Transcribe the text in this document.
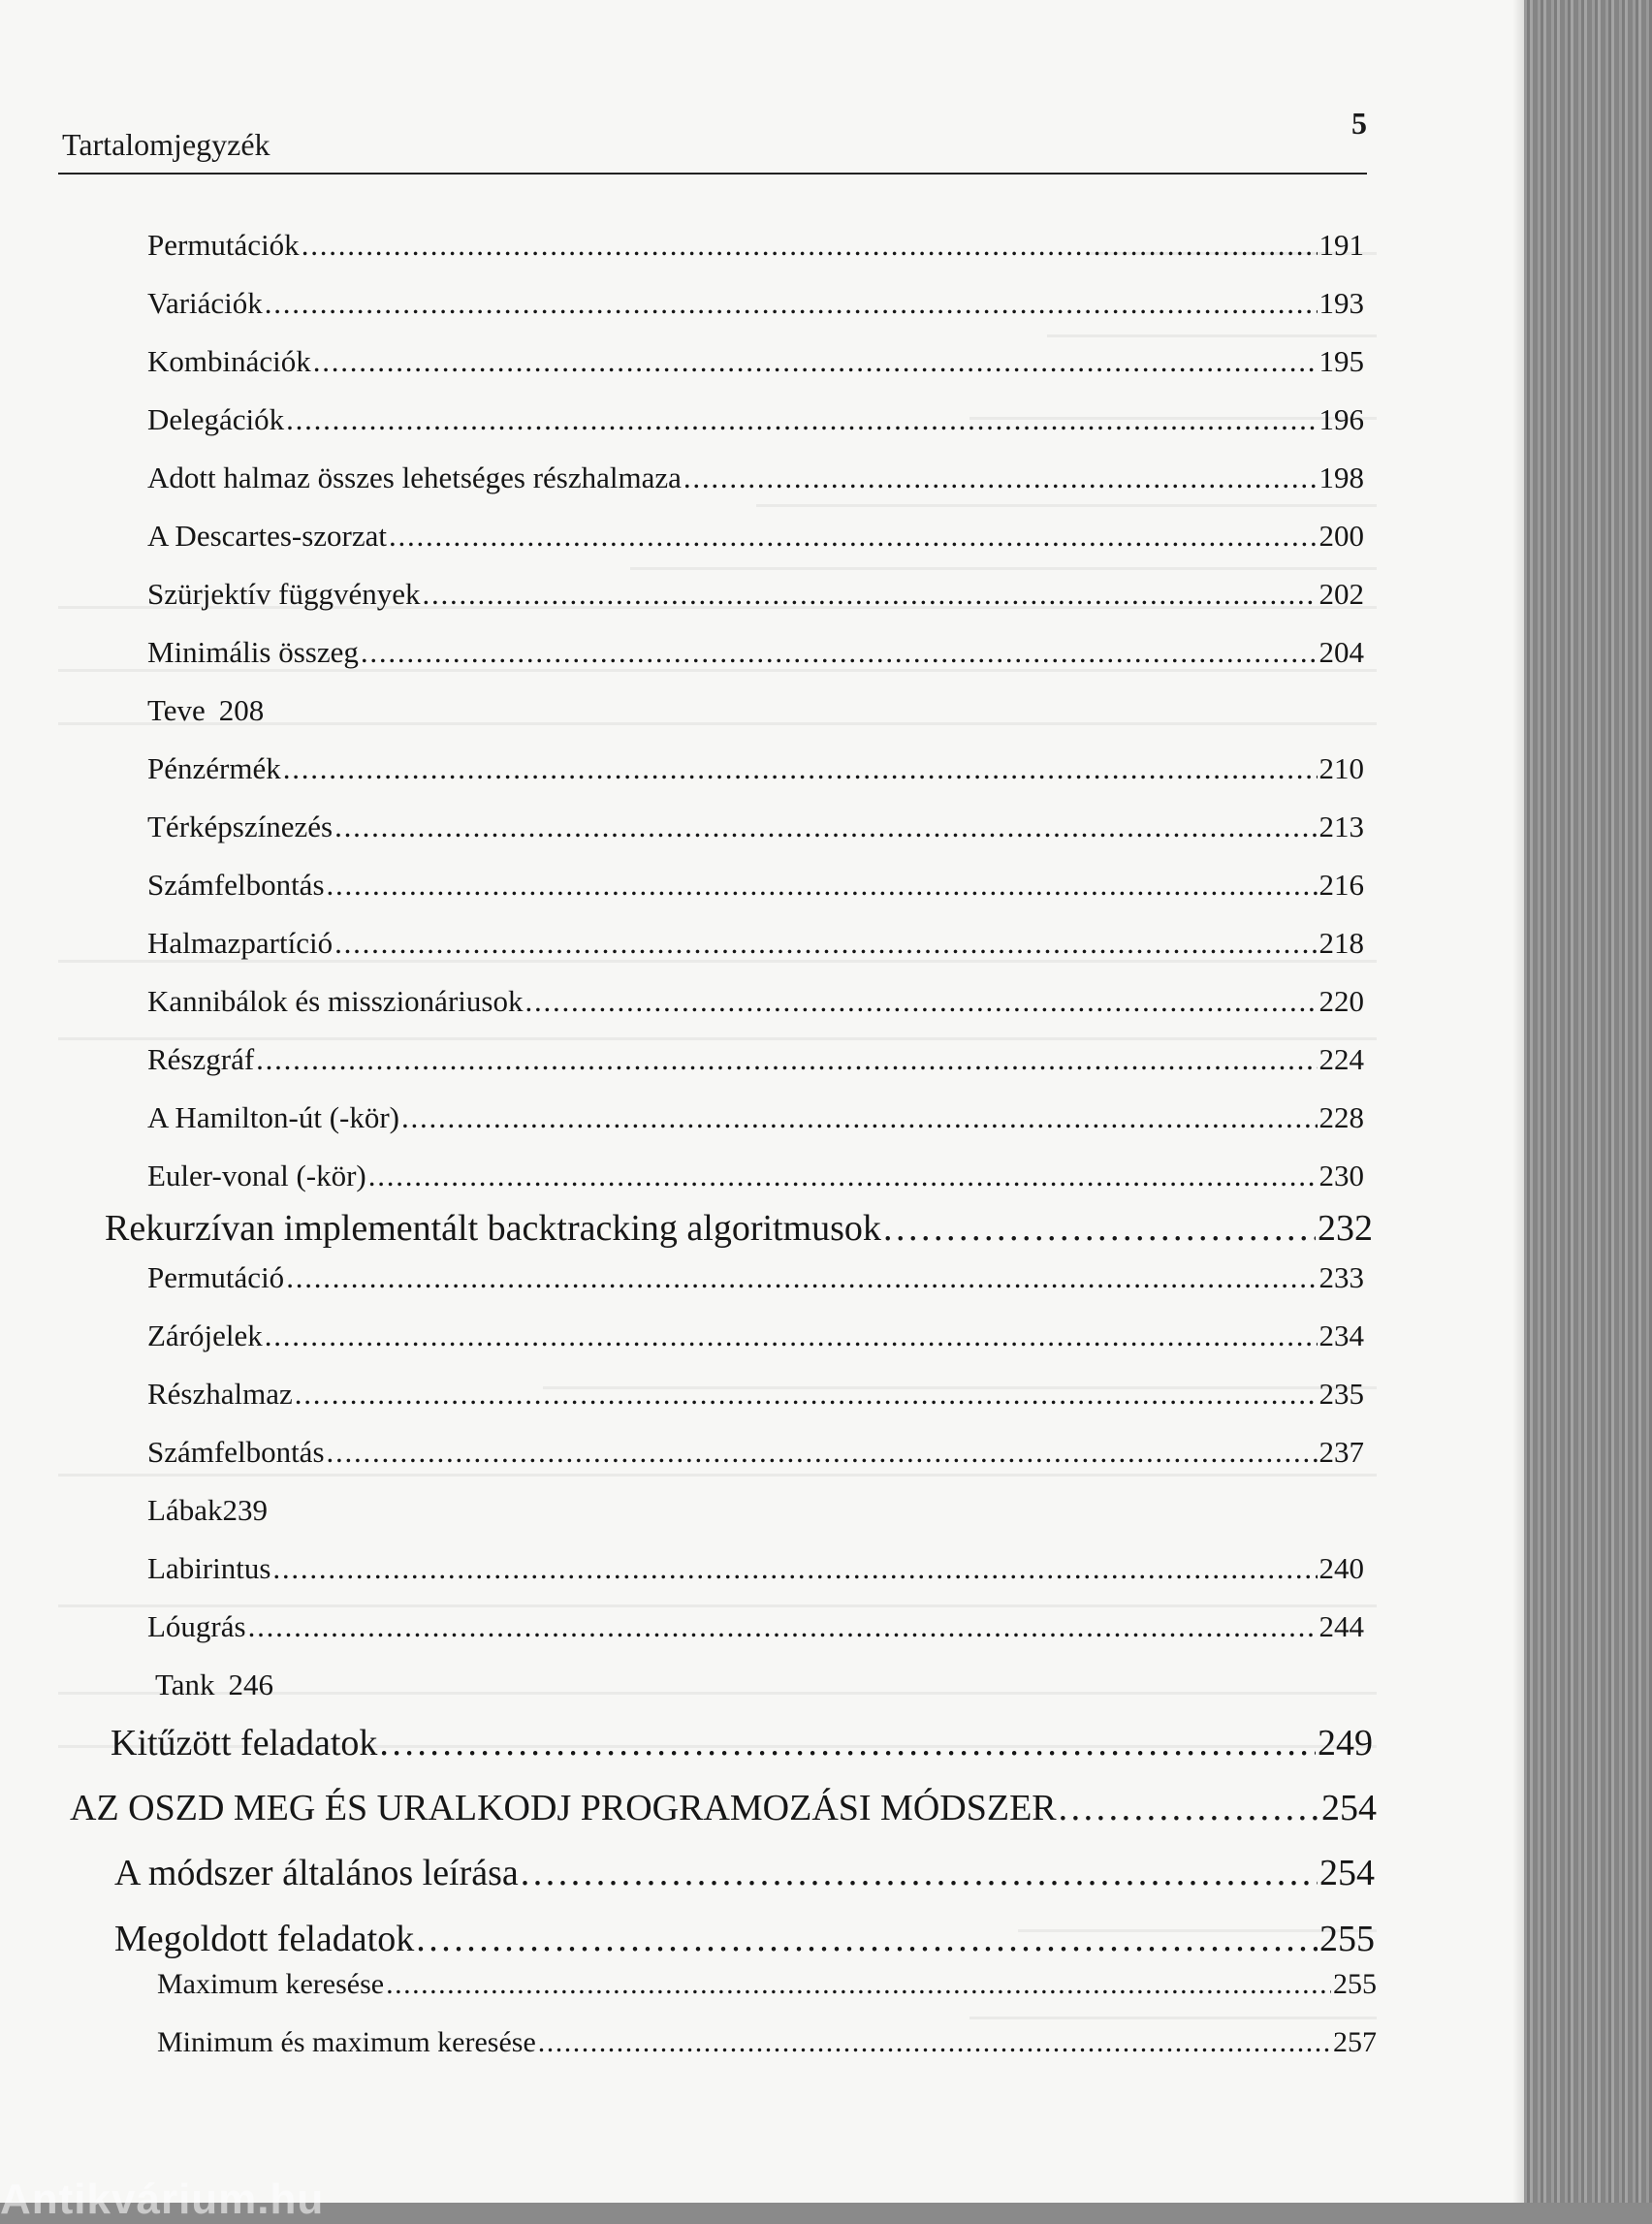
Tartalomjegyzék
5
Permutációk . . .	191
Variációk . . .	193
Kombinációk . . .	195
Delegációk . . .	196
Adott halmaz összes lehetséges részhalmaza . . .	198
A Descartes-szorzat . . .	200
Szürjektív függvények . . .	202
Minimális összeg . . .	204
Teve 208
Pénzérmék . . .	210
Térképszínezés . . .	213
Számfelbontás . . .	216
Halmazpartíció . . .	218
Kannibálok és misszionáriusok . . .	220
Részgráf . . .	224
A Hamilton-út (-kör) . . .	228
Euler-vonal (-kör) . . .	230
Rekurzívan implementált backtracking algoritmusok . . .	232
Permutáció . . .	233
Zárójelek . . .	234
Részhalmaz . . .	235
Számfelbontás . . .	237
Lábak 239
Labirintus . . .	240
Lóugrás . . .	244
Tank 246
Kitűzött feladatok . . .	249
AZ OSZD MEG ÉS URALKODJ PROGRAMOZÁSI MÓDSZER . . .	254
A módszer általános leírása . . .	254
Megoldott feladatok . . .	255
Maximum keresése . . .	255
Minimum és maximum keresése . . .	257
Antikvárium.hu
